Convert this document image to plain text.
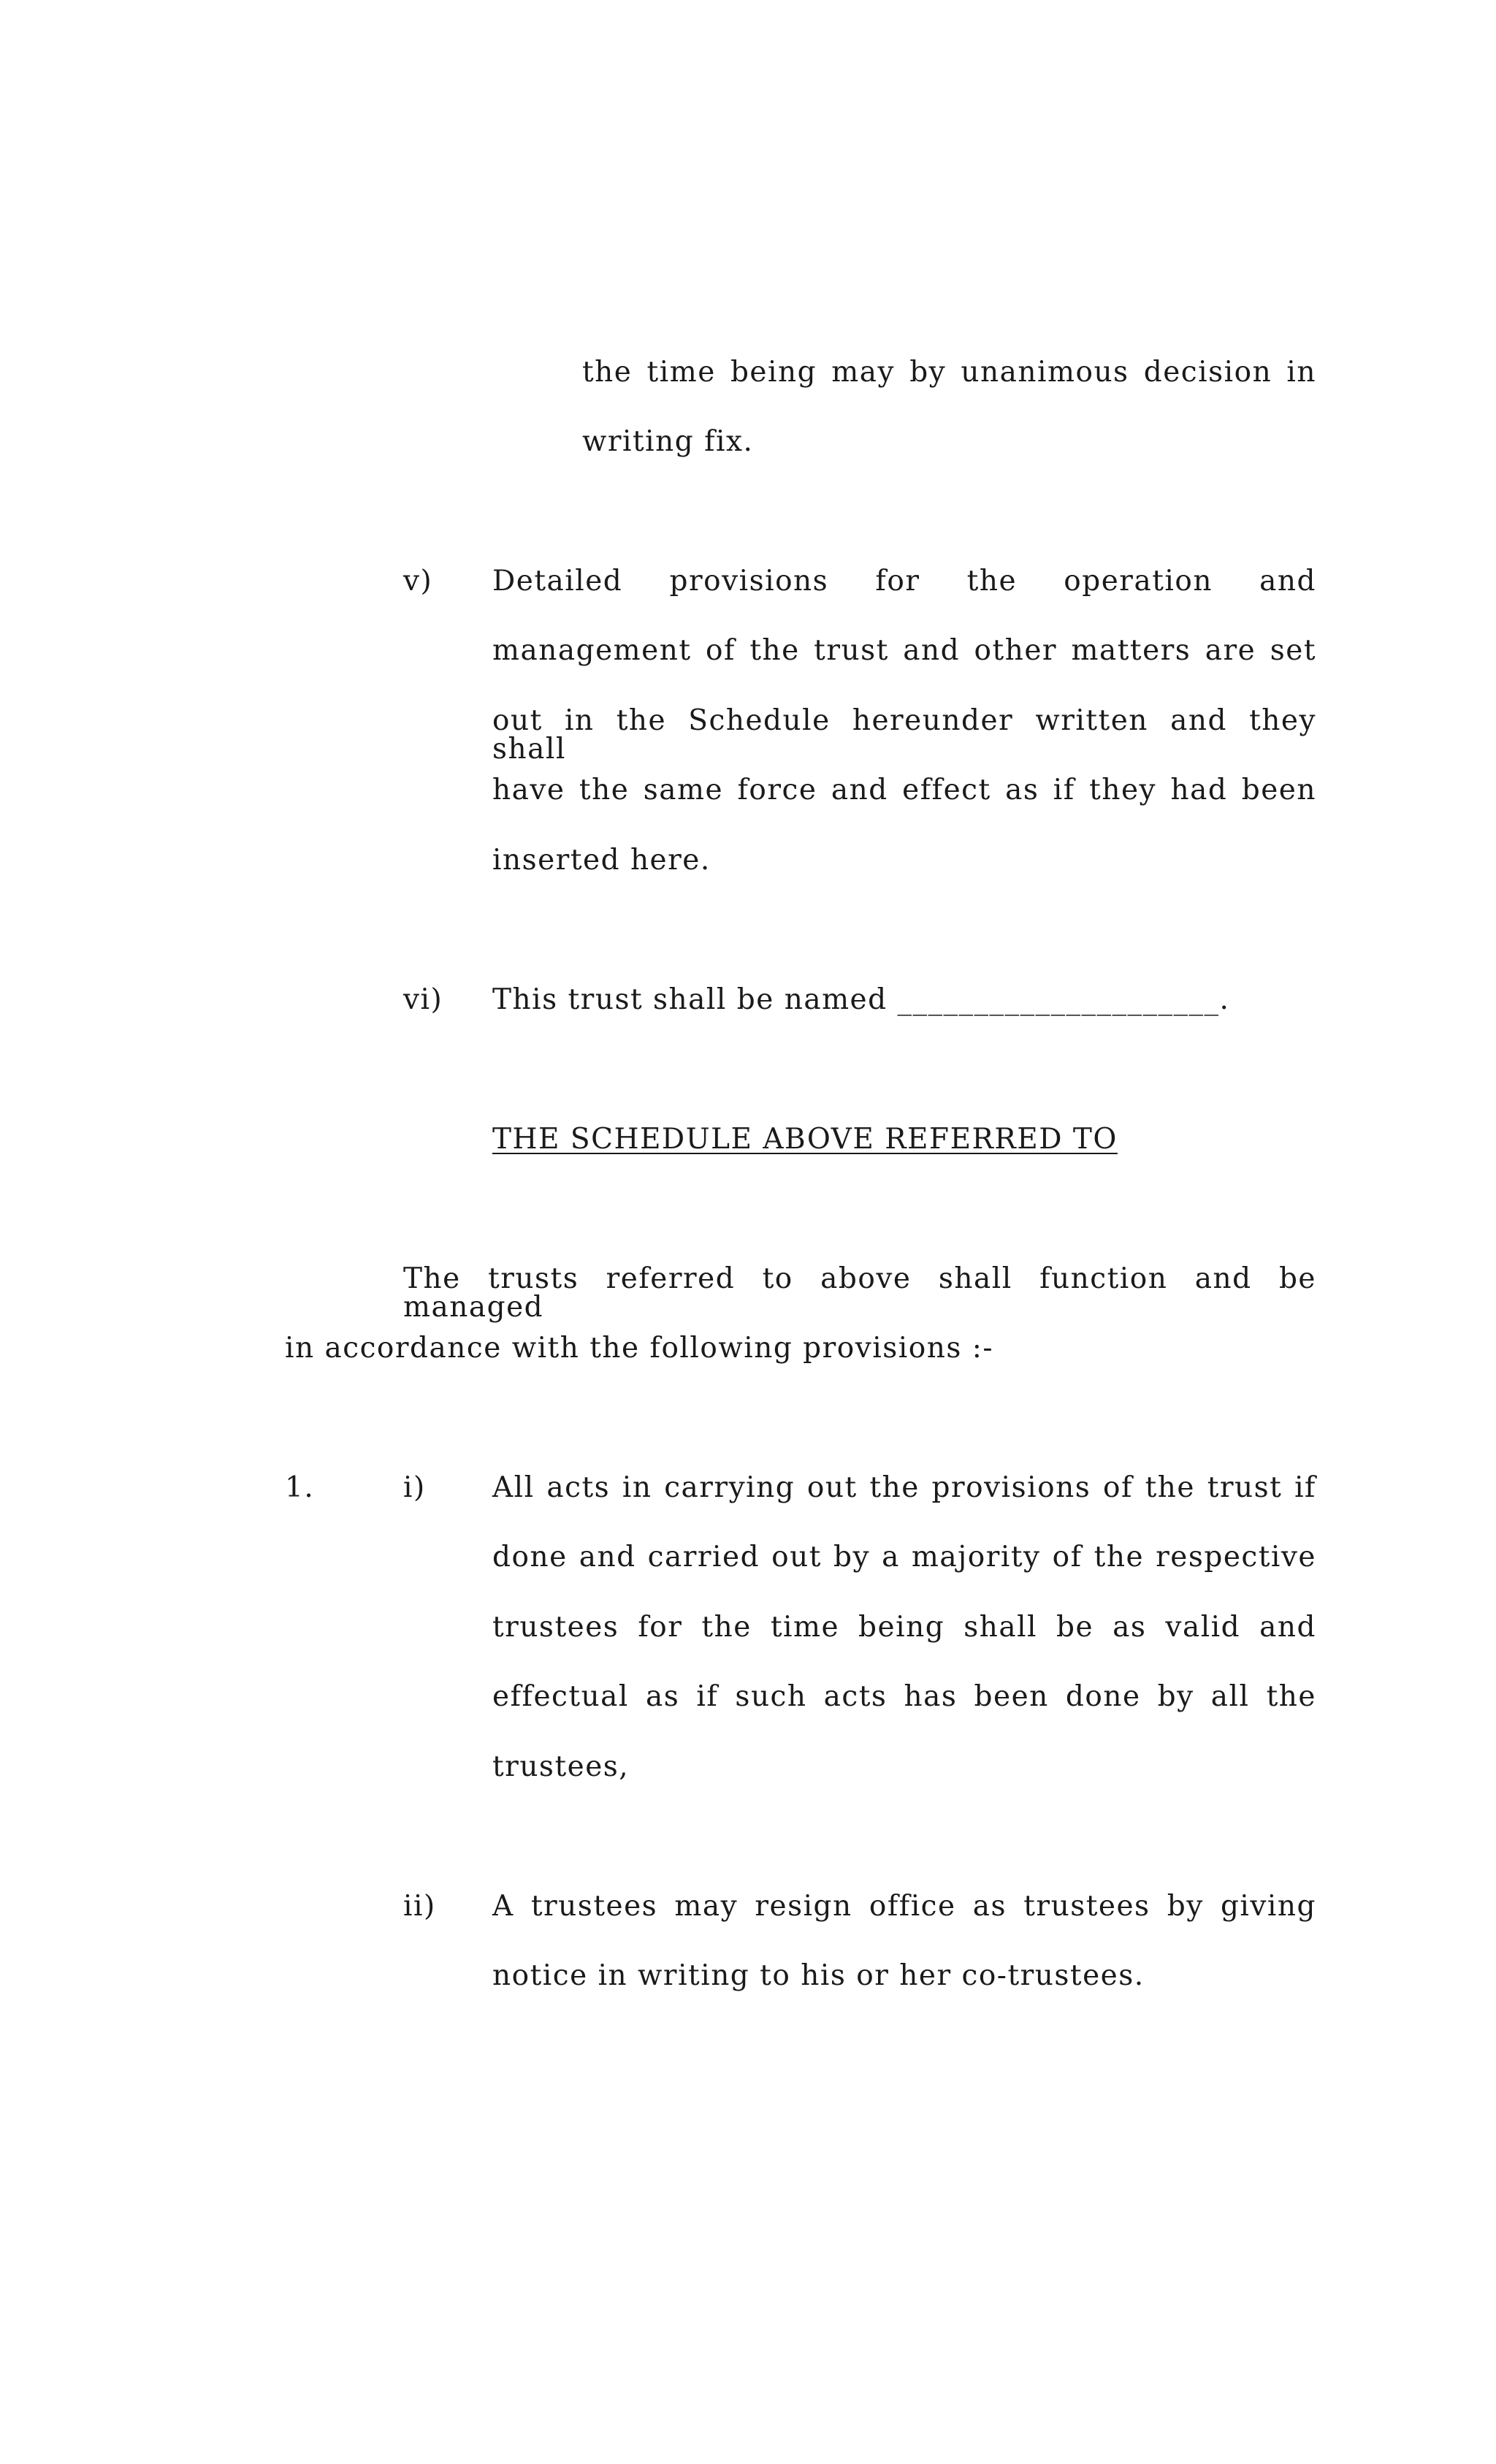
the time being may by unanimous decision in
writing fix.
v) Detailed provisions for the operation and
management of the trust and other matters are set
out in the Schedule hereunder written and they shall
have the same force and effect as if they had been
inserted here.
vi) This trust shall be named _____________________.
THE SCHEDULE ABOVE REFERRED TO
The trusts referred to above shall function and be managed
in accordance with the following provisions :-
1.	i) All acts in carrying out the provisions of the trust if
done and carried out by a majority of the respective
trustees for the time being shall be as valid and
effectual as if such acts has been done by all the
trustees,
ii) A trustees may resign office as trustees by giving
notice in writing to his or her co-trustees.
